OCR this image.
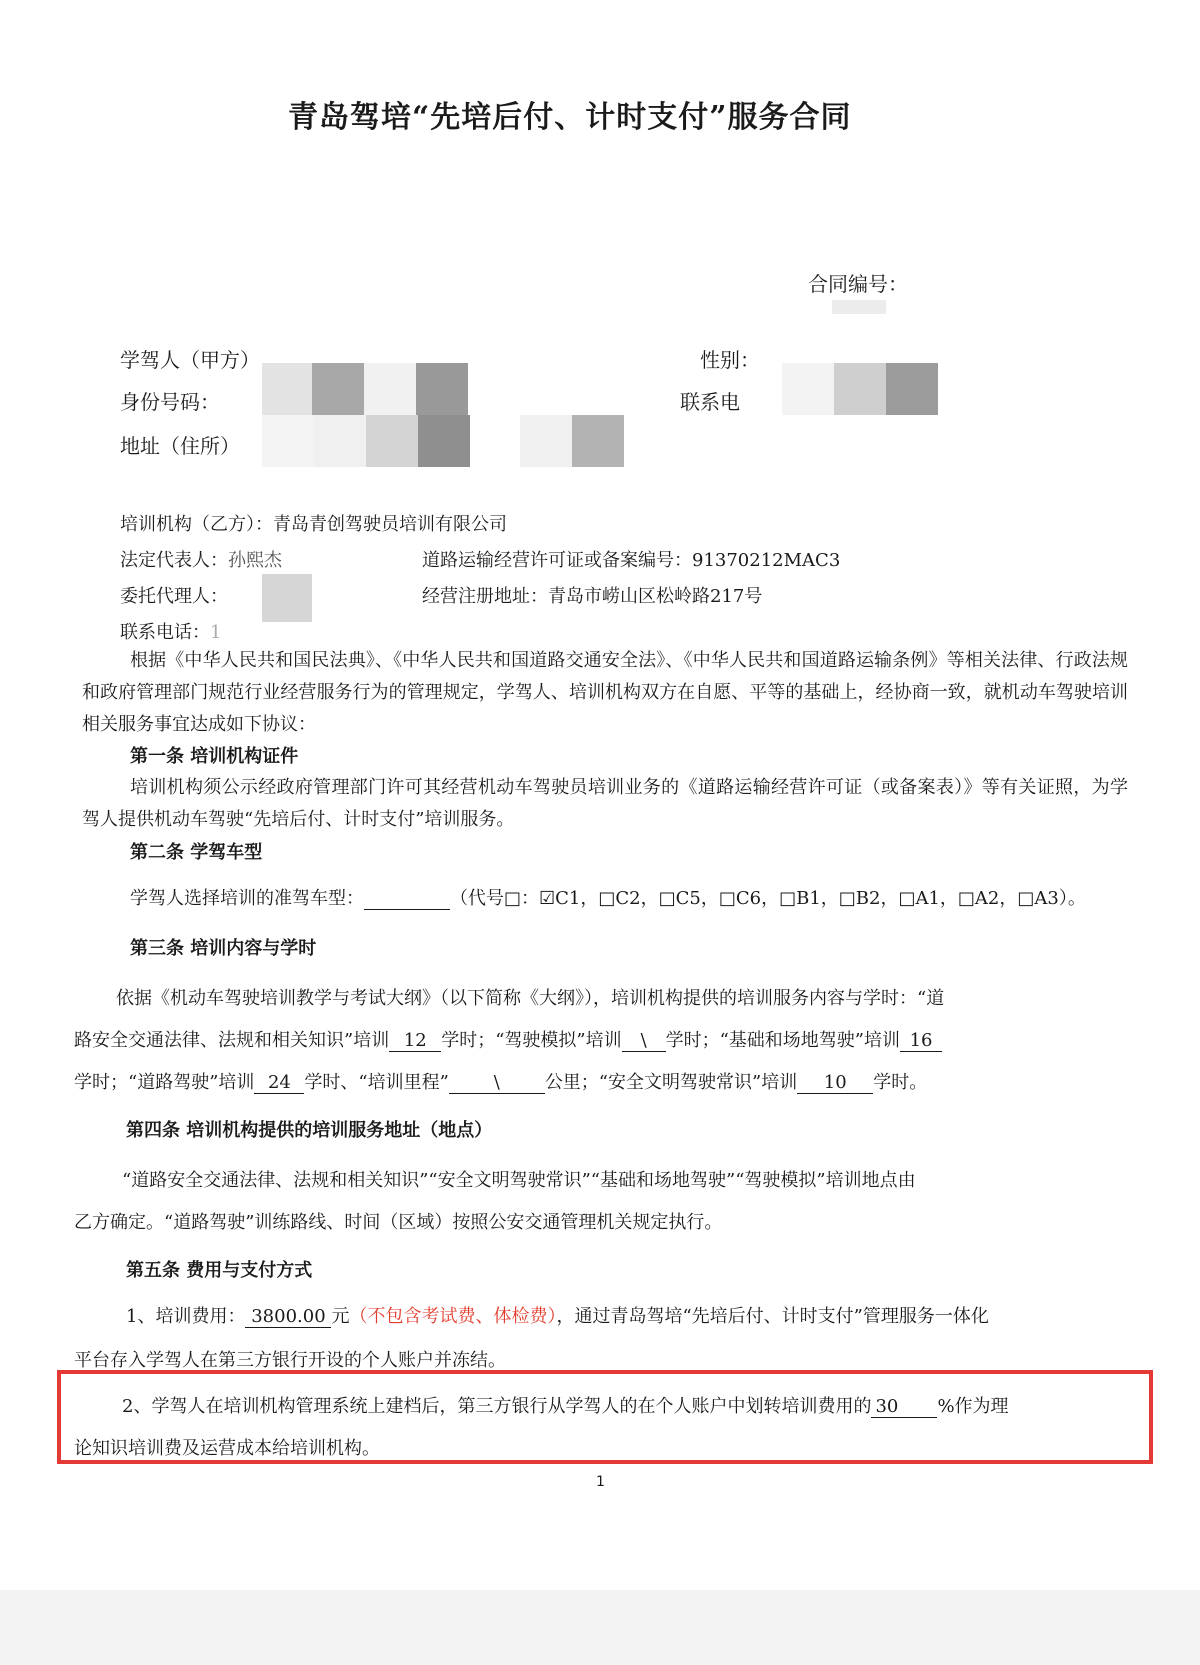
青岛驾培“先培后付、计时支付”服务合同
合同编号：
学驾人（甲方）	性别：
身份号码：	联系电
地址（住所）
培训机构（乙方）：青岛青创驾驶员培训有限公司
法定代表人：孙熙杰	道路运输经营许可证或备案编号：91370212MAC3
委托代理人：	经营注册地址：青岛市崂山区松岭路217号
联系电话：1
根据《中华人民共和国民法典》、《中华人民共和国道路交通安全法》、《中华人民共和国道路运输条例》等相关法律、行政法规和政府管理部门规范行业经营服务行为的管理规定，学驾人、培训机构双方在自愿、平等的基础上，经协商一致，就机动车驾驶培训相关服务事宜达成如下协议：
第一条 培训机构证件
培训机构须公示经政府管理部门许可其经营机动车驾驶员培训业务的《道路运输经营许可证（或备案表）》等有关证照，为学驾人提供机动车驾驶“先培后付、计时支付”培训服务。
第二条 学驾车型
学驾人选择培训的准驾车型：	（代号□：☑C1，□C2，□C5，□C6，□B1，□B2，□A1，□A2，□A3）。
第三条 培训内容与学时
依据《机动车驾驶培训教学与考试大纲》（以下简称《大纲》），培训机构提供的培训服务内容与学时：“道
路安全交通法律、法规和相关知识”培训 12 学时；“驾驶模拟”培训 \ 学时；“基础和场地驾驶”培训 16
学时；“道路驾驶”培训 24 学时、“培训里程” \ 公里；“安全文明驾驶常识”培训 10 学时。
第四条 培训机构提供的培训服务地址（地点）
“道路安全交通法律、法规和相关知识”“安全文明驾驶常识”“基础和场地驾驶”“驾驶模拟”培训地点由
乙方确定。“道路驾驶”训练路线、时间（区域）按照公安交通管理机关规定执行。
第五条 费用与支付方式
1、培训费用： 3800.00 元（不包含考试费、体检费），通过青岛驾培“先培后付、计时支付”管理服务一体化
平台存入学驾人在第三方银行开设的个人账户并冻结。
2、学驾人在培训机构管理系统上建档后，第三方银行从学驾人的在个人账户中划转培训费用的 30 %作为理
论知识培训费及运营成本给培训机构。
1
